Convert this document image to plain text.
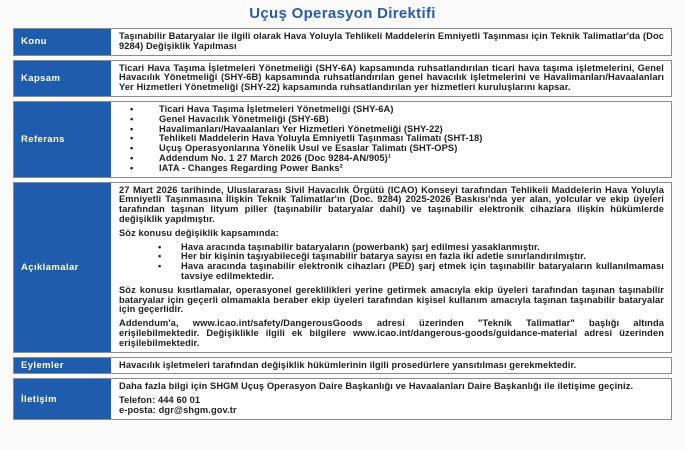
Uçuş Operasyon Direktifi
Konu

Taşınabilir Bataryalar ile ilgili olarak Hava Yoluyla Tehlikeli Maddelerin Emniyetli Taşınması için Teknik Talimatlar'da (Doc 9284) Değişiklik Yapılması

Kapsam

Ticari Hava Taşıma İşletmeleri Yönetmeliği (SHY-6A) kapsamında ruhsatlandırılan ticari hava taşıma işletmelerini, Genel Havacılık Yönetmeliği (SHY-6B) kapsamında ruhsatlandırılan genel havacılık işletmelerini ve Havalimanları/Havaalanları Yer Hizmetleri Yönetmeliği (SHY-22) kapsamında ruhsatlandırılan yer hizmetleri kuruluşlarını kapsar.

Referans
• Ticari Hava Taşıma İşletmeleri Yönetmeliği (SHY-6A)
• Genel Havacılık Yönetmeliği (SHY-6B)
• Havalimanları/Havaalanları Yer Hizmetleri Yönetmeliği (SHY-22)
• Tehlikeli Maddelerin Hava Yoluyla Emniyetli Taşınması Talimatı (SHT-18)
• Uçuş Operasyonlarına Yönelik Usul ve Esaslar Talimatı (SHT-OPS)
• Addendum No. 1 27 March 2026 (Doc 9284-AN/905)¹
• IATA - Changes Regarding Power Banks²
Açıklamalar

27 Mart 2026 tarihinde, Uluslararası Sivil Havacılık Örgütü (ICAO) Konseyi tarafından Tehlikeli Maddelerin Hava Yoluyla Emniyetli Taşınmasına İlişkin Teknik Talimatlar'ın (Doc. 9284) 2025-2026 Baskısı'nda yer alan, yolcular ve ekip üyeleri tarafından taşınan lityum piller (taşınabilir bataryalar dahil) ve taşınabilir elektronik cihazlara ilişkin hükümlerde değişiklik yapılmıştır.

Söz konusu değişiklik kapsamında:

• Hava aracında taşınabilir bataryaların (powerbank) şarj edilmesi yasaklanmıştır.
• Her bir kişinin taşıyabileceği taşınabilir batarya sayısı en fazla iki adetle sınırlandırılmıştır.
• Hava aracında taşınabilir elektronik cihazları (PED) şarj etmek için taşınabilir bataryaların kullanılmaması tavsiye edilmektedir.

Söz konusu kısıtlamalar, operasyonel gereklilikleri yerine getirmek amacıyla ekip üyeleri tarafından taşınan taşınabilir bataryalar için geçerli olmamakla beraber ekip üyeleri tarafından kişisel kullanım amacıyla taşınan taşınabilir bataryalar için geçerlidir.

Addendum'a, www.icao.int/safety/DangerousGoods adresi üzerinden "Teknik Talimatlar" başlığı altında erişilebilmektedir. Değişiklikle ilgili ek bilgilere www.icao.int/dangerous-goods/guidance-material adresi üzerinden erişilebilmektedir.

Eylemler	Havacılık işletmeleri tarafından değişiklik hükümlerinin ilgili prosedürlere yansıtılması gerekmektedir.

İletişim

Daha fazla bilgi için SHGM Uçuş Operasyon Daire Başkanlığı ve Havaalanları Daire Başkanlığı ile iletişime geçiniz.

Telefon: 444 60 01

e-posta: dgr@shgm.gov.tr
